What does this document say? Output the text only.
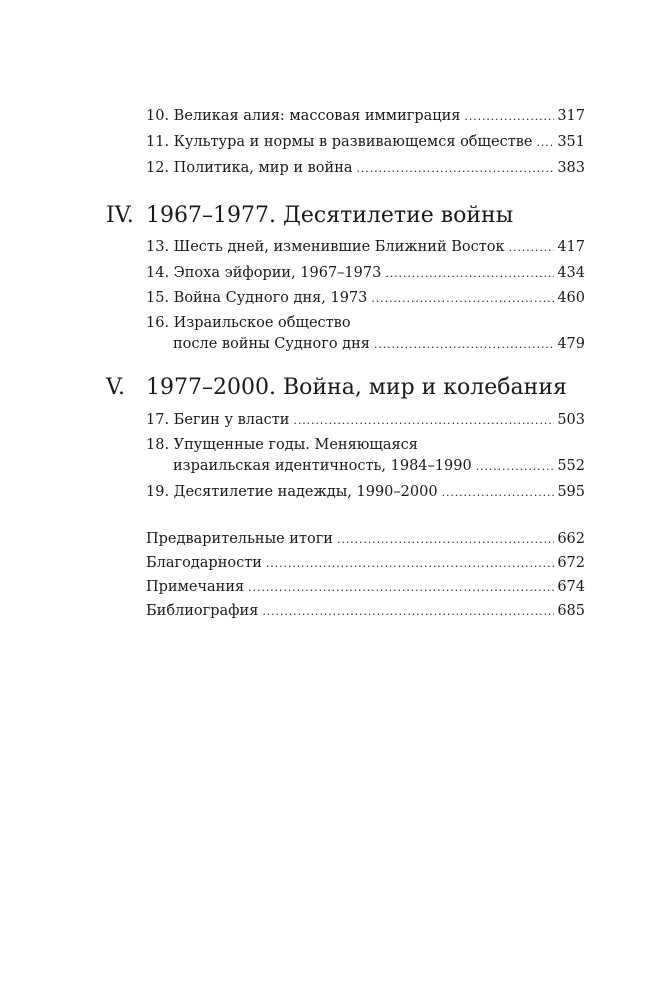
10. Великая алия: массовая иммиграция . . .	317
11. Культура и нормы в развивающемся обществе . . . 351
12. Политика, мир и война . . .	383
IV. 1967–1977. Десятилетие войны
13. Шесть дней, изменившие Ближний Восток . . .	417
14. Эпоха эйфории, 1967–1973 . . .	434
15. Война Судного дня, 1973 . . .	460
16. Израильское общество
после войны Судного дня . . .	479
V. 1977–2000. Война, мир и колебания
17. Бегин у власти . . .	503
18. Упущенные годы. Меняющаяся
израильская идентичность, 1984–1990 . . .	552
19. Десятилетие надежды, 1990–2000 . . .	595
Предварительные итоги . . .	662
Благодарности . . .	672
Примечания . . .	674
Библиография . . .	685
